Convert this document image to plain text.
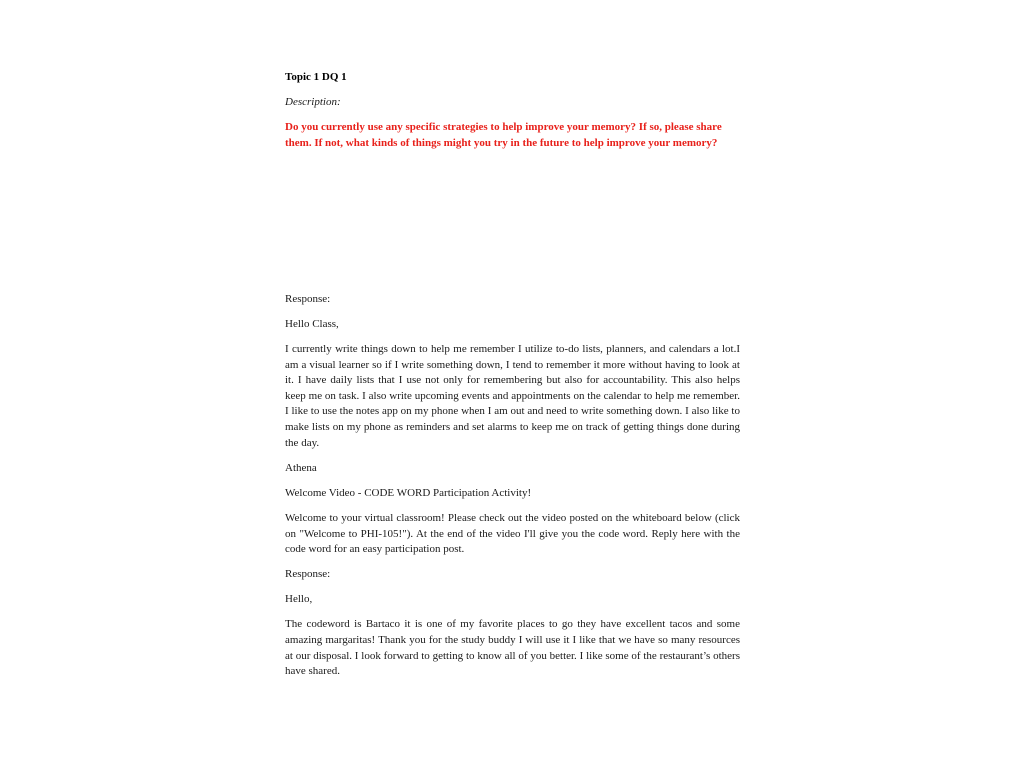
Topic 1 DQ 1

Description:

Do you currently use any specific strategies to help improve your memory? If so, please share them. If not, what kinds of things might you try in the future to help improve your memory?

Response:

Hello Class,

I currently write things down to help me remember I utilize to-do lists, planners, and calendars a lot.I am a visual learner so if I write something down, I tend to remember it more without having to look at it. I have daily lists that I use not only for remembering but also for accountability. This also helps keep me on task. I also write upcoming events and appointments on the calendar to help me remember. I like to use the notes app on my phone when I am out and need to write something down. I also like to make lists on my phone as reminders and set alarms to keep me on track of getting things done during the day.

Athena

Welcome Video - CODE WORD Participation Activity!

Welcome to your virtual classroom! Please check out the video posted on the whiteboard below (click on "Welcome to PHI-105!"). At the end of the video I'll give you the code word. Reply here with the code word for an easy participation post.

Response:

Hello,

The codeword is Bartaco it is one of my favorite places to go they have excellent tacos and some amazing margaritas! Thank you for the study buddy I will use it I like that we have so many resources at our disposal. I look forward to getting to know all of you better. I like some of the restaurant’s others have shared.
